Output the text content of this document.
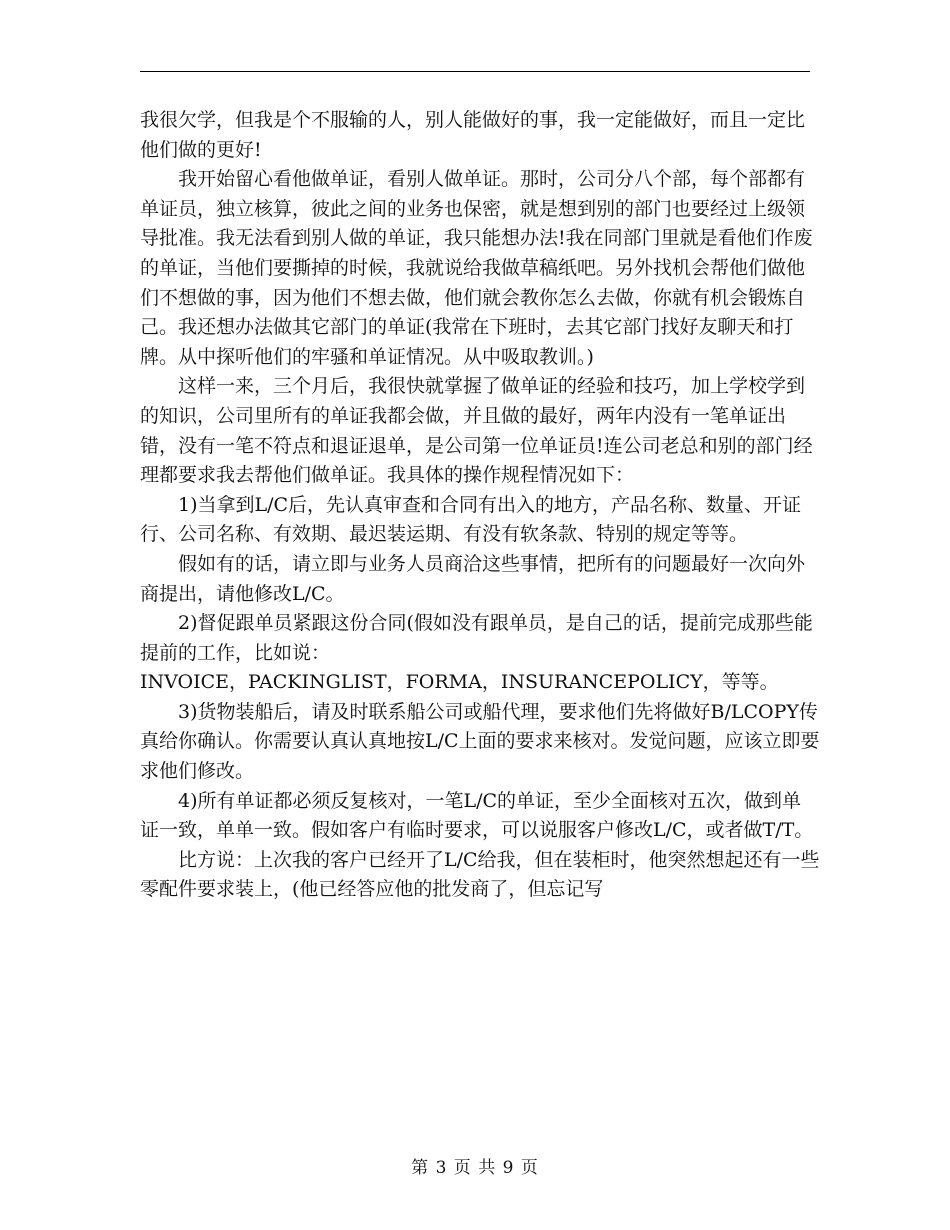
我很欠学，但我是个不服输的人，别人能做好的事，我一定能做好，而且一定比他们做的更好!

我开始留心看他做单证，看别人做单证。那时，公司分八个部，每个部都有单证员，独立核算，彼此之间的业务也保密，就是想到别的部门也要经过上级领导批准。我无法看到别人做的单证，我只能想办法!我在同部门里就是看他们作废的单证，当他们要撕掉的时候，我就说给我做草稿纸吧。另外找机会帮他们做他们不想做的事，因为他们不想去做，他们就会教你怎么去做，你就有机会锻炼自己。我还想办法做其它部门的单证(我常在下班时，去其它部门找好友聊天和打牌。从中探听他们的牢骚和单证情况。从中吸取教训。)

这样一来，三个月后，我很快就掌握了做单证的经验和技巧，加上学校学到的知识，公司里所有的单证我都会做，并且做的最好，两年内没有一笔单证出错，没有一笔不符点和退证退单，是公司第一位单证员!连公司老总和别的部门经理都要求我去帮他们做单证。我具体的操作规程情况如下：

1)当拿到L/C后，先认真审查和合同有出入的地方，产品名称、数量、开证行、公司名称、有效期、最迟装运期、有没有软条款、特别的规定等等。

假如有的话，请立即与业务人员商洽这些事情，把所有的问题最好一次向外商提出，请他修改L/C。

2)督促跟单员紧跟这份合同(假如没有跟单员，是自己的话，提前完成那些能提前的工作，比如说：

INVOICE，PACKINGLIST，FORMA，INSURANCEPOLICY，等等。

3)货物装船后，请及时联系船公司或船代理，要求他们先将做好B/LCOPY传真给你确认。你需要认真认真地按L/C上面的要求来核对。发觉问题，应该立即要求他们修改。

4)所有单证都必须反复核对，一笔L/C的单证，至少全面核对五次，做到单证一致，单单一致。假如客户有临时要求，可以说服客户修改L/C，或者做T/T。

比方说：上次我的客户已经开了L/C给我，但在装柜时，他突然想起还有一些零配件要求装上，(他已经答应他的批发商了，但忘记写

第 3 页 共 9 页
